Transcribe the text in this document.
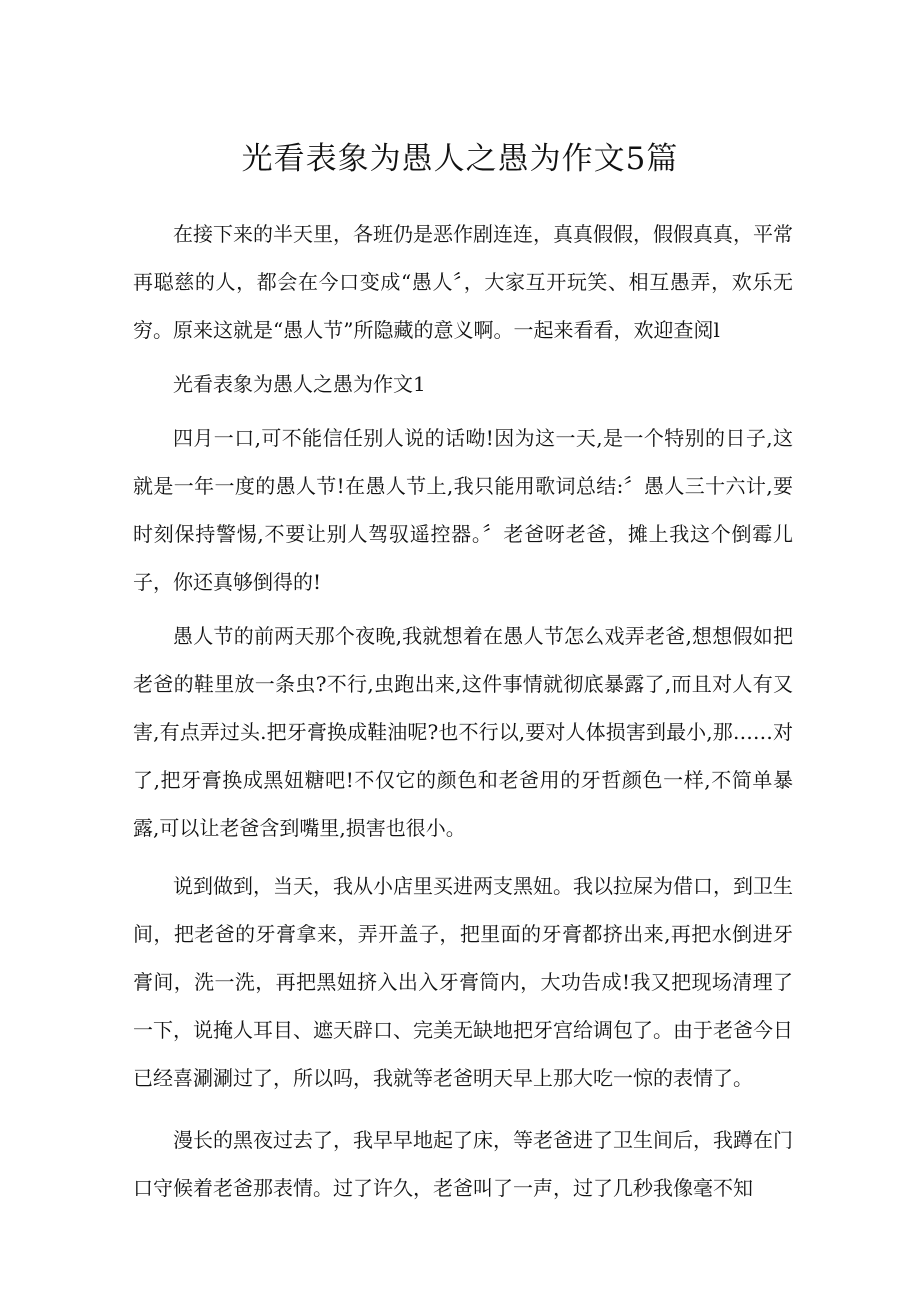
光看表象为愚人之愚为作文5篇

在接下来的半天里，各班仍是恶作剧连连，真真假假，假假真真，平常再聪慈的人，都会在今口变成“愚人〞，大家互开玩笑、相互愚弄，欢乐无穷。原来这就是“愚人节”所隐藏的意义啊。一起来看看，欢迎查阅l

光看表象为愚人之愚为作文1

四月一口,可不能信任别人说的话呦!因为这一天,是一个特别的日子,这就是一年一度的愚人节!在愚人节上,我只能用歌词总结:〞愚人三十六计,要时刻保持警惕,不要让别人驾驭遥控器。〞老爸呀老爸，摊上我这个倒霉儿子，你还真够倒得的!

愚人节的前两天那个夜晚,我就想着在愚人节怎么戏弄老爸,想想假如把老爸的鞋里放一条虫?不行,虫跑出来,这件事情就彻底暴露了,而且对人有又害,有点弄过头.把牙膏换成鞋油呢?也不行以,要对人体损害到最小,那……对了,把牙膏换成黑妞糖吧!不仅它的颜色和老爸用的牙哲颜色一样,不简单暴露,可以让老爸含到嘴里,损害也很小。

说到做到，当天，我从小店里买进两支黑妞。我以拉屎为借口，到卫生间，把老爸的牙膏拿来，弄开盖子，把里面的牙膏都挤出来,再把水倒进牙膏间，洗一洗，再把黑妞挤入出入牙膏筒内，大功告成!我又把现场清理了一下，说掩人耳目、遮天辟口、完美无缺地把牙宫给调包了。由于老爸今日已经喜涮涮过了，所以吗，我就等老爸明天早上那大吃一惊的表情了。

漫长的黑夜过去了，我早早地起了床，等老爸进了卫生间后，我蹲在门口守候着老爸那表情。过了许久，老爸叫了一声，过了几秒我像毫不知
